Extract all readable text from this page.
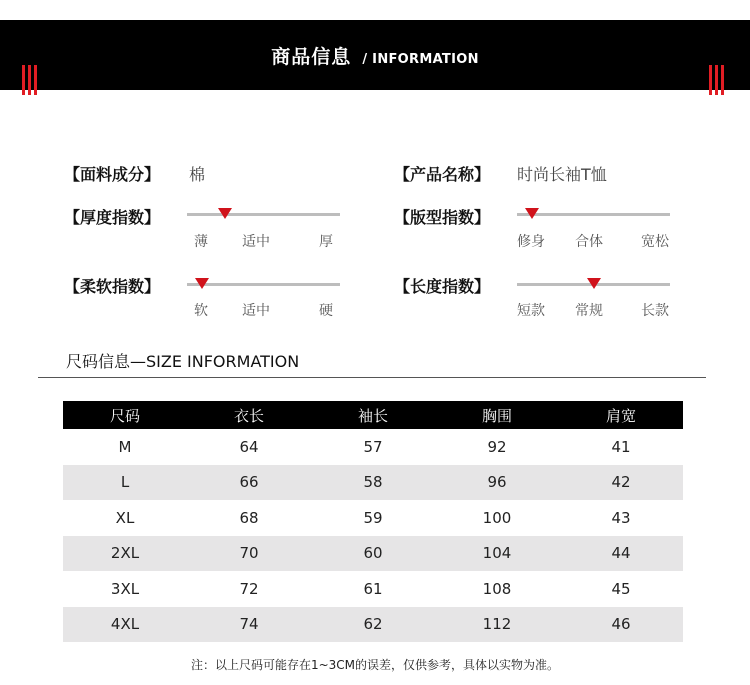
商品信息 / INFORMATION
【面料成分】 棉	【产品名称】 时尚长袖T恤
【厚度指数】
薄 适中	厚
【版型指数】
修身 合体	宽松
【柔软指数】
软 适中	硬
【长度指数】
短款 常规	长款
尺码信息—SIZE INFORMATION
尺码	衣长	袖长	胸围	肩宽
M	64	57	92	41
L	66	58	96	42
XL	68	59	100	43
2XL	70	60	104	44
3XL	72	61	108	45
4XL	74	62	112	46
注：以上尺码可能存在1~3CM的误差，仅供参考，具体以实物为准。
